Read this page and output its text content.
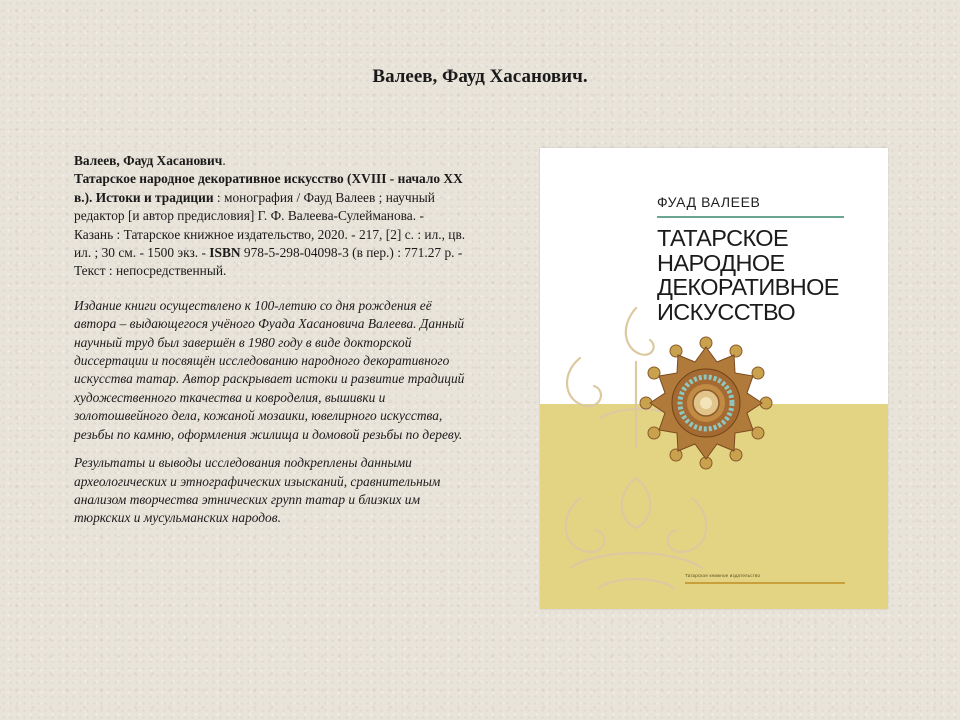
Валеев, Фауд Хасанович.

Валеев, Фауд Хасанович.
Татарское народное декоративное искусство (XVIII - начало XX в.). Истоки и традиции : монография / Фауд Валеев ; научный редактор [и автор предисловия] Г. Ф. Валеева-Сулейманова. - Казань : Татарское книжное издательство, 2020. - 217, [2] с. : ил., цв. ил. ; 30 см. - 1500 экз. - ISBN 978-5-298-04098-3 (в пер.) : 771.27 р. - Текст : непосредственный.

Издание книги осуществлено к 100-летию со дня рождения её автора – выдающегося учёного Фуада Хасановича Валеева. Данный научный труд был завершён в 1980 году в виде докторской диссертации и посвящён исследованию народного декоративного искусства татар. Автор раскрывает истоки и развитие традиций художественного ткачества и ковроделия, вышивки и золотошвейного дела, кожаной мозаики, ювелирного искусства, резьбы по камню, оформления жилища и домовой резьбы по дереву.

Результаты и выводы исследования подкреплены данными археологических и этнографических изысканий, сравнительным анализом творчества этнических групп татар и близких им тюркских и мусульманских народов.

ФУАД ВАЛЕЕВ
ТАТАРСКОЕ НАРОДНОЕ ДЕКОРАТИВНОЕ ИСКУССТВО
Татарское книжное издательство
